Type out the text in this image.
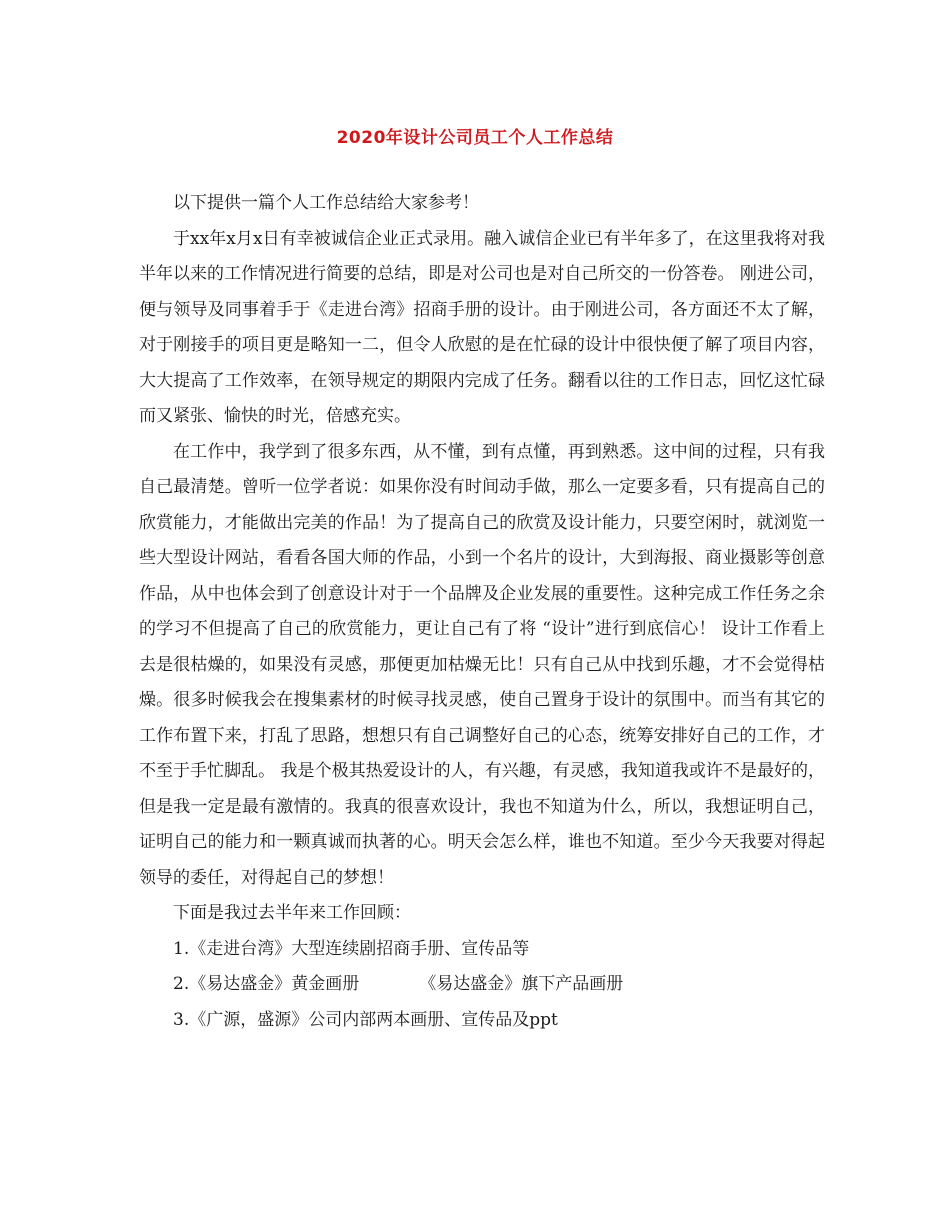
2020年设计公司员工个人工作总结

以下提供一篇个人工作总结给大家参考！

于xx年x月x日有幸被诚信企业正式录用。融入诚信企业已有半年多了，在这里我将对我半年以来的工作情况进行简要的总结，即是对公司也是对自己所交的一份答卷。 刚进公司，便与领导及同事着手于《走进台湾》招商手册的设计。由于刚进公司，各方面还不太了解，对于刚接手的项目更是略知一二，但令人欣慰的是在忙碌的设计中很快便了解了项目内容，大大提高了工作效率，在领导规定的期限内完成了任务。翻看以往的工作日志，回忆这忙碌而又紧张、愉快的时光，倍感充实。

在工作中，我学到了很多东西，从不懂，到有点懂，再到熟悉。这中间的过程，只有我自己最清楚。曾听一位学者说：如果你没有时间动手做，那么一定要多看，只有提高自己的欣赏能力，才能做出完美的作品！为了提高自己的欣赏及设计能力，只要空闲时，就浏览一些大型设计网站，看看各国大师的作品，小到一个名片的设计，大到海报、商业摄影等创意作品，从中也体会到了创意设计对于一个品牌及企业发展的重要性。这种完成工作任务之余的学习不但提高了自己的欣赏能力，更让自己有了将 “设计”进行到底信心！ 设计工作看上去是很枯燥的，如果没有灵感，那便更加枯燥无比！只有自己从中找到乐趣，才不会觉得枯燥。很多时候我会在搜集素材的时候寻找灵感，使自己置身于设计的氛围中。而当有其它的工作布置下来，打乱了思路，想想只有自己调整好自己的心态，统筹安排好自己的工作，才不至于手忙脚乱。 我是个极其热爱设计的人，有兴趣，有灵感，我知道我或许不是最好的，但是我一定是最有激情的。我真的很喜欢设计，我也不知道为什么，所以，我想证明自己，证明自己的能力和一颗真诚而执著的心。明天会怎么样，谁也不知道。至少今天我要对得起领导的委任，对得起自己的梦想！

下面是我过去半年来工作回顾：

1.《走进台湾》大型连续剧招商手册、宣传品等
2.《易达盛金》黄金画册	《易达盛金》旗下产品画册
3.《广源，盛源》公司内部两本画册、宣传品及ppt
